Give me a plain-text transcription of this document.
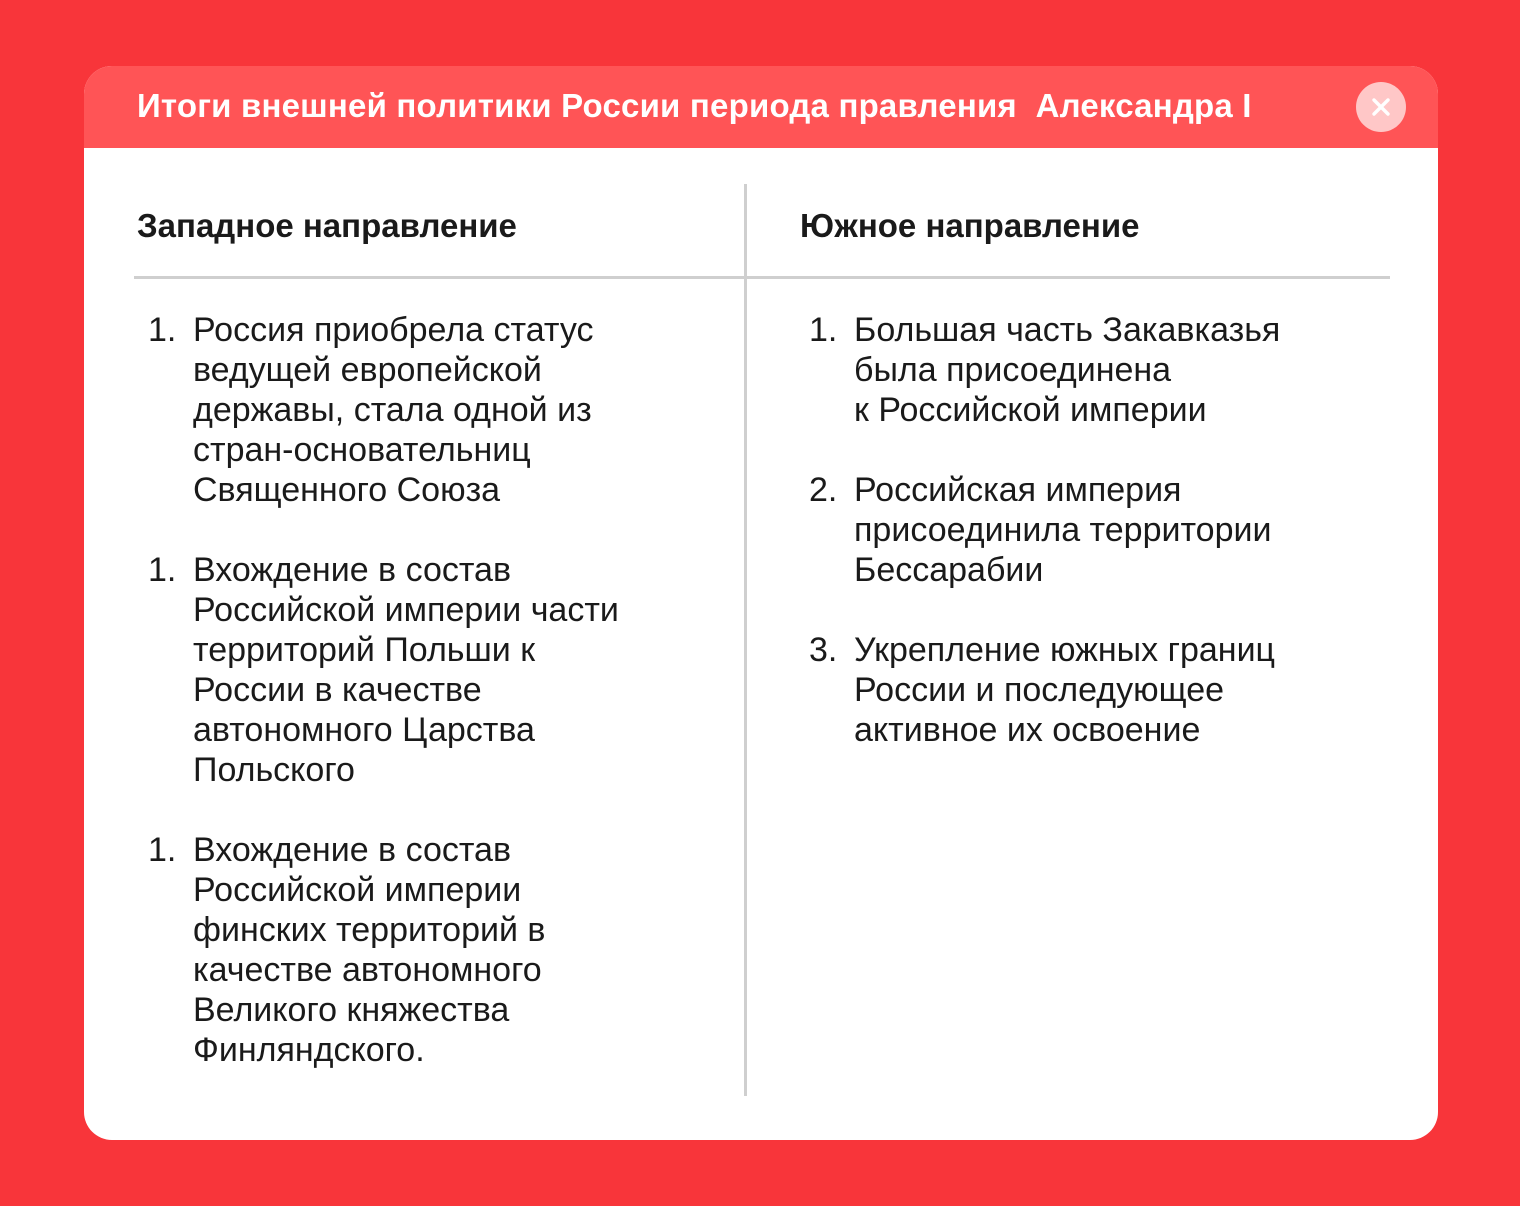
Итоги внешней политики России периода правления  Александра I
Западное направление	Южное направление
1. Россия приобрела статус
ведущей европейской
державы, стала одной из
стран-основательниц
Священного Союза
1. Вхождение в состав
Российской империи части
территорий Польши к
России в качестве
автономного Царства
Польского
1. Вхождение в состав
Российской империи
финских территорий в
качестве автономного
Великого княжества
Финляндского.
1. Большая часть Закавказья
была присоединена
к Российской империи
2. Российская империя
присоединила территории
Бессарабии
3. Укрепление южных границ
России и последующее
активное их освоение
